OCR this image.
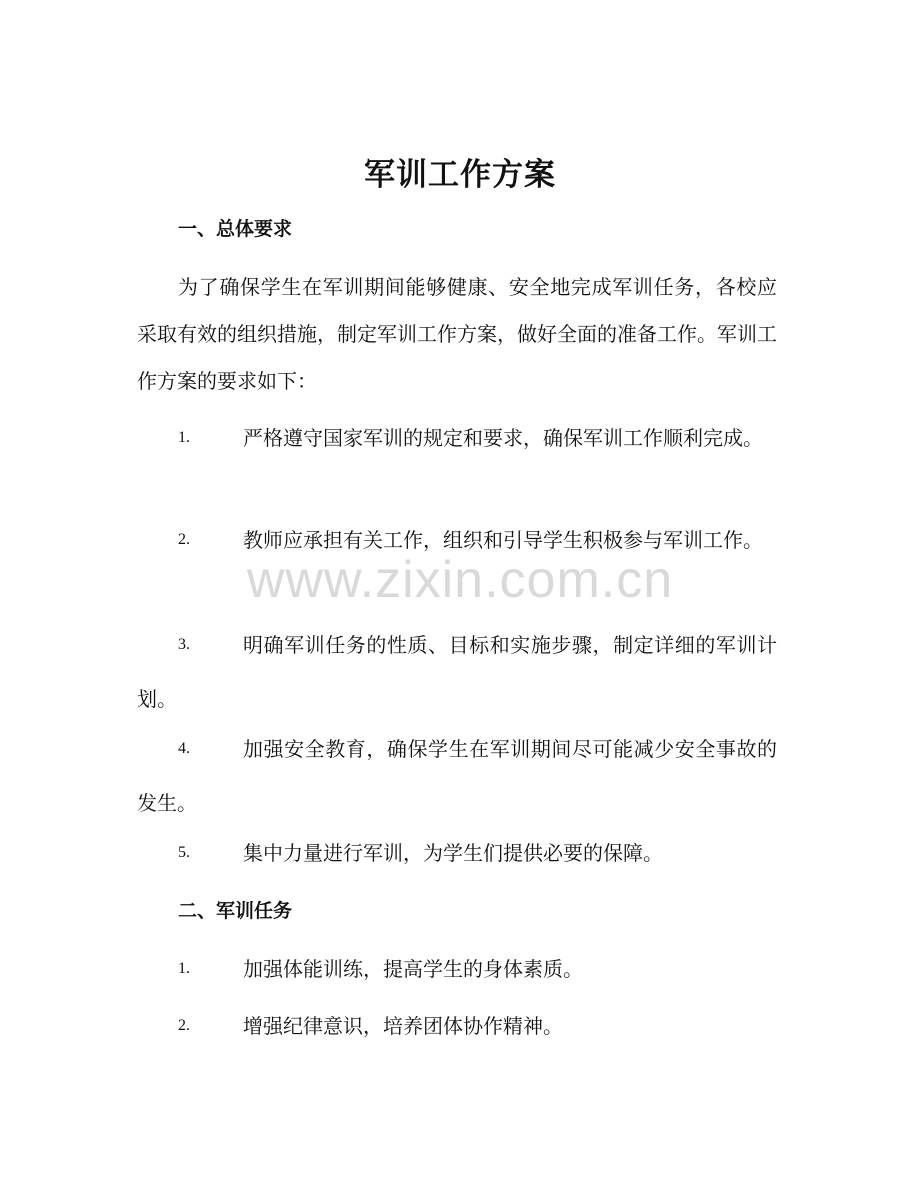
军训工作方案
一、总体要求
为了确保学生在军训期间能够健康、安全地完成军训任务，各校应采取有效的组织措施，制定军训工作方案，做好全面的准备工作。军训工作方案的要求如下：
1.	严格遵守国家军训的规定和要求，确保军训工作顺利完成。
2.	教师应承担有关工作，组织和引导学生积极参与军训工作。
3.	明确军训任务的性质、目标和实施步骤，制定详细的军训计划。
4.	加强安全教育，确保学生在军训期间尽可能减少安全事故的发生。
5.	集中力量进行军训，为学生们提供必要的保障。
二、军训任务
1.	加强体能训练，提高学生的身体素质。
2.	增强纪律意识，培养团体协作精神。
www.zixin.com.cn
